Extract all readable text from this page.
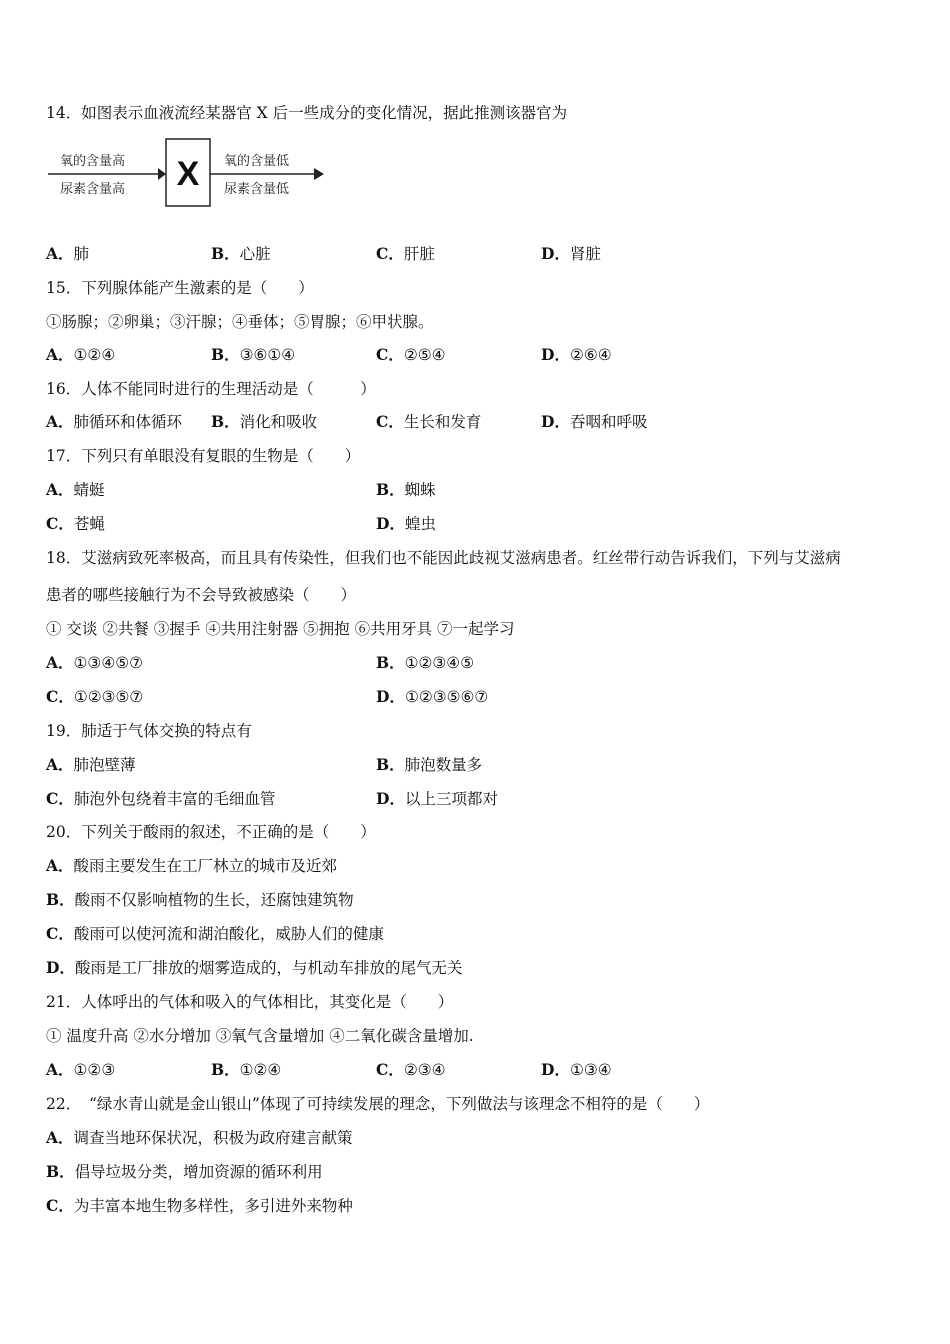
14．如图表示血液流经某器官 X 后一些成分的变化情况，据此推测该器官为
氧的含量高
尿素含量高 X 氧的含量低
尿素含量低
A．肺	B．心脏	C．肝脏	D．肾脏
15．下列腺体能产生激素的是（　　）
①肠腺；②卵巢；③汗腺；④垂体；⑤胃腺；⑥甲状腺。
A．①②④	B．③⑥①④	C．②⑤④	D．②⑥④
16．人体不能同时进行的生理活动是（　　　）
A．肺循环和体循环 B．消化和吸收	C．生长和发育	D．吞咽和呼吸
17．下列只有单眼没有复眼的生物是（　　）
A．蜻蜓	B．蜘蛛
C．苍蝇	D．蝗虫
18．艾滋病致死率极高，而且具有传染性，但我们也不能因此歧视艾滋病患者。红丝带行动告诉我们，下列与艾滋病
患者的哪些接触行为不会导致被感染（　　）
① 交谈 ②共餐 ③握手 ④共用注射器 ⑤拥抱 ⑥共用牙具 ⑦一起学习
A．①③④⑤⑦	B．①②③④⑤
C．①②③⑤⑦	D．①②③⑤⑥⑦
19．肺适于气体交换的特点有
A．肺泡壁薄	B．肺泡数量多
C．肺泡外包绕着丰富的毛细血管	D．以上三项都对
20．下列关于酸雨的叙述，不正确的是（　　）
A．酸雨主要发生在工厂林立的城市及近郊
B．酸雨不仅影响植物的生长，还腐蚀建筑物
C．酸雨可以使河流和湖泊酸化，威胁人们的健康
D．酸雨是工厂排放的烟雾造成的，与机动车排放的尾气无关
21．人体呼出的气体和吸入的气体相比，其变化是（　　）
① 温度升高 ②水分增加 ③氧气含量增加 ④二氧化碳含量增加.
A．①②③	B．①②④	C．②③④	D．①③④
22．　“绿水青山就是金山银山”体现了可持续发展的理念，下列做法与该理念不相符的是（　　）
A．调查当地环保状况，积极为政府建言献策
B．倡导垃圾分类，增加资源的循环利用
C．为丰富本地生物多样性，多引进外来物种
